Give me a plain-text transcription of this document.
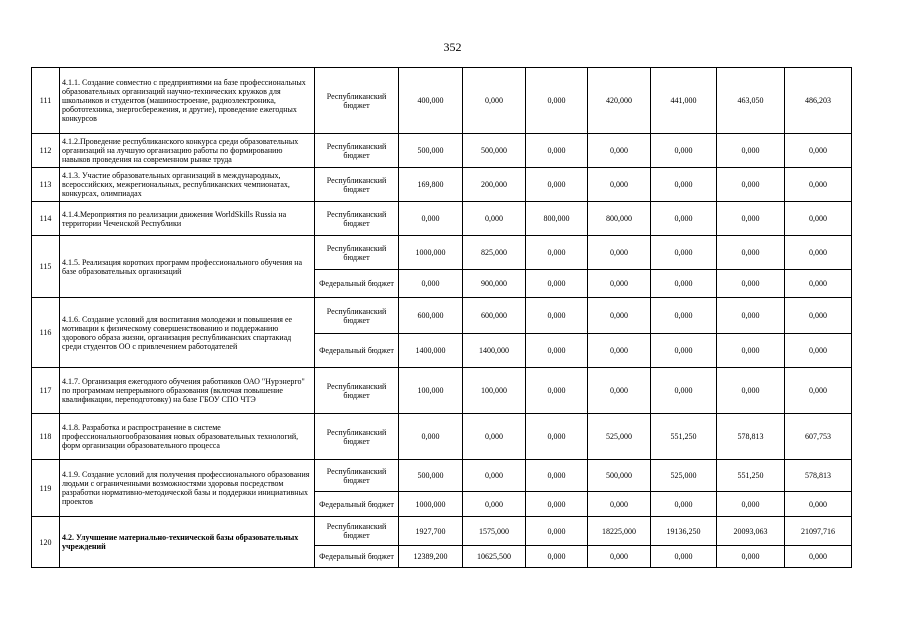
352
111	4.1.1. Создание совместно с предприятиями на базе профессиональных образовательных организаций научно-технических кружков для школьников и студентов (машиностроение, радиоэлектроника, робототехника, энергосбережения, и другие), проведение ежегодных конкурсов	Республиканский бюджет	400,000	0,000	0,000	420,000	441,000	463,050	486,203
112	4.1.2.Проведение республиканского конкурса среди образовательных организаций на лучшую организацию работы по формированию навыков проведения на современном рынке труда	Республиканский бюджет	500,000	500,000	0,000	0,000	0,000	0,000	0,000
113	4.1.3. Участие образовательных организаций в международных, всероссийских, межрегиональных, республиканских чемпионатах, конкурсах, олимпиадах	Республиканский бюджет	169,800	200,000	0,000	0,000	0,000	0,000	0,000
114	4.1.4.Мероприятия по реализации движения WorldSkills Russia на территории Чеченской Республики	Республиканский бюджет	0,000	0,000	800,000	800,000	0,000	0,000	0,000
115	4.1.5. Реализация коротких программ профессионального обучения на базе образовательных организаций	Республиканский бюджет	1000,000	825,000	0,000	0,000	0,000	0,000	0,000
		Федеральный бюджет	0,000	900,000	0,000	0,000	0,000	0,000	0,000
116	4.1.6. Создание условий для воспитания молодежи и повышения ее мотивации к физическому совершенствованию и поддержанию здорового образа жизни, организация республиканских спартакиад среди студентов ОО с привлечением работодателей	Республиканский бюджет	600,000	600,000	0,000	0,000	0,000	0,000	0,000
		Федеральный бюджет	1400,000	1400,000	0,000	0,000	0,000	0,000	0,000
117	4.1.7. Организация ежегодного обучения работников ОАО "Нурэнерго" по программам непрерывного образования (включая повышение квалификации, переподготовку) на базе ГБОУ СПО ЧТЭ	Республиканский бюджет	100,000	100,000	0,000	0,000	0,000	0,000	0,000
118	4.1.8. Разработка и распространение в системе профессиональногообразования новых образовательных технологий, форм организации образовательного процесса	Республиканский бюджет	0,000	0,000	0,000	525,000	551,250	578,813	607,753
119	4.1.9. Создание условий для получения профессионального образования людьми с ограниченными возможностями здоровья посредством разработки нормативно-методической базы и поддержки инициативных проектов	Республиканский бюджет	500,000	0,000	0,000	500,000	525,000	551,250	578,813
		Федеральный бюджет	1000,000	0,000	0,000	0,000	0,000	0,000	0,000
120	4.2. Улучшение материально-технической базы образовательных учреждений	Республиканский бюджет	1927,700	1575,000	0,000	18225,000	19136,250	20093,063	21097,716
		Федеральный бюджет	12389,200	10625,500	0,000	0,000	0,000	0,000	0,000
